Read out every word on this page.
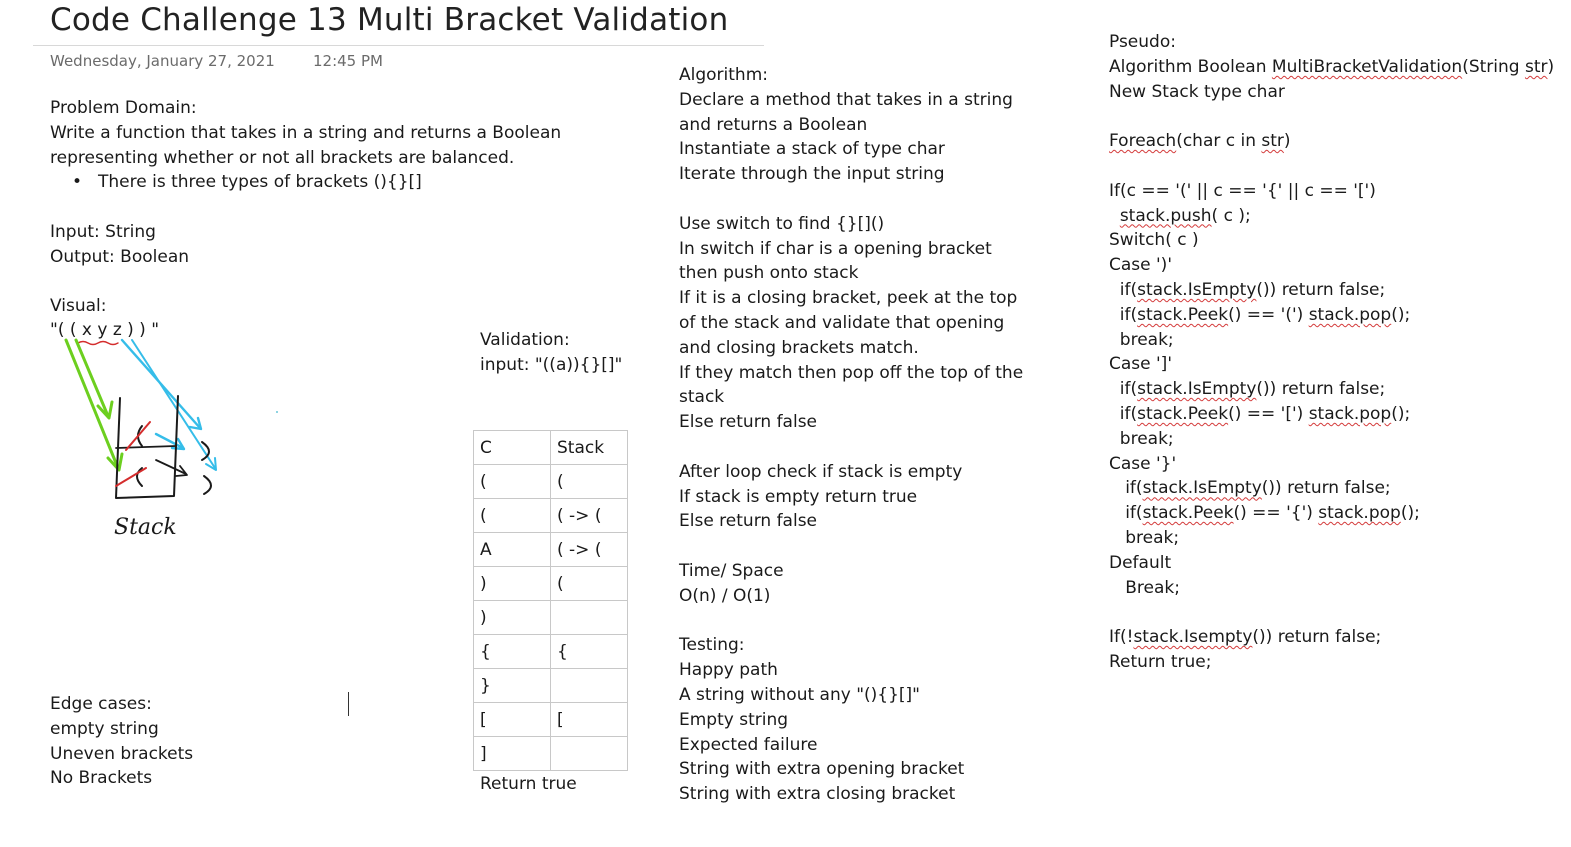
Code Challenge 13 Multi Bracket Validation
Wednesday, January 27, 2021	12:45 PM
Problem Domain:
Write a function that takes in a string and returns a Boolean
representing whether or not all brackets are balanced.
• There is three types of brackets (){}[]
Input: String
Output: Boolean
Visual:
"( ( x y z ) ) "
Stack
Edge cases:
empty string
Uneven brackets
No Brackets
Validation:
input: "((a)){}[]"
C	Stack
(	(
(	( -> (
A	( -> (
)	(
)	
{	{
}	
[	[
]	
Return true
Algorithm:
Declare a method that takes in a string
and returns a Boolean
Instantiate a stack of type char
Iterate through the input string
Use switch to find {}[]()
In switch if char is a opening bracket
then push onto stack
If it is a closing bracket, peek at the top
of the stack and validate that opening
and closing brackets match.
If they match then pop off the top of the
stack
Else return false
After loop check if stack is empty
If stack is empty return true
Else return false
Time/ Space
O(n) / O(1)
Testing:
Happy path
A string without any "(){}[]"
Empty string
Expected failure
String with extra opening bracket
String with extra closing bracket
Pseudo:
Algorithm Boolean MultiBracketValidation(String str)
New Stack type char
Foreach(char c in str)
If(c == '(' || c == '{' || c == '[')
stack.push( c );
Switch( c )
Case ')'
if(stack.IsEmpty()) return false;
if(stack.Peek() == '(') stack.pop();
break;
Case ']'
if(stack.IsEmpty()) return false;
if(stack.Peek() == '[') stack.pop();
break;
Case '}'
if(stack.IsEmpty()) return false;
if(stack.Peek() == '{') stack.pop();
break;
Default
Break;
If(!stack.Isempty()) return false;
Return true;
